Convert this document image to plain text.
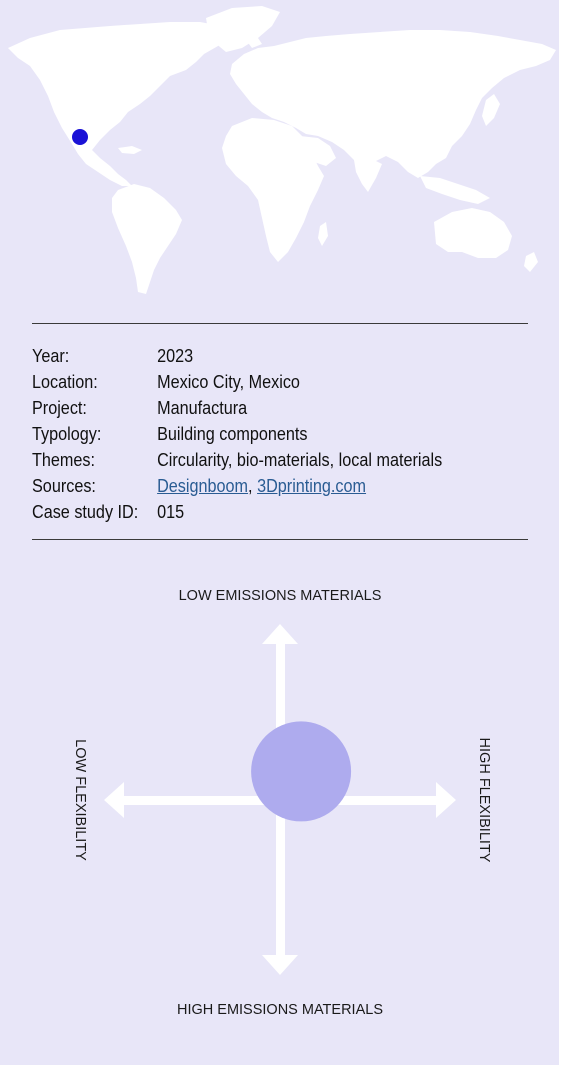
Year:	2023
Location:	Mexico City, Mexico
Project:	Manufactura
Typology:	Building components
Themes:	Circularity, bio-materials, local materials
Sources:	Designboom, 3Dprinting.com
Case study ID:	015
LOW EMISSIONS MATERIALS
HIGH EMISSIONS MATERIALS
LOW FLEXIBILITY	HIGH FLEXIBILITY
